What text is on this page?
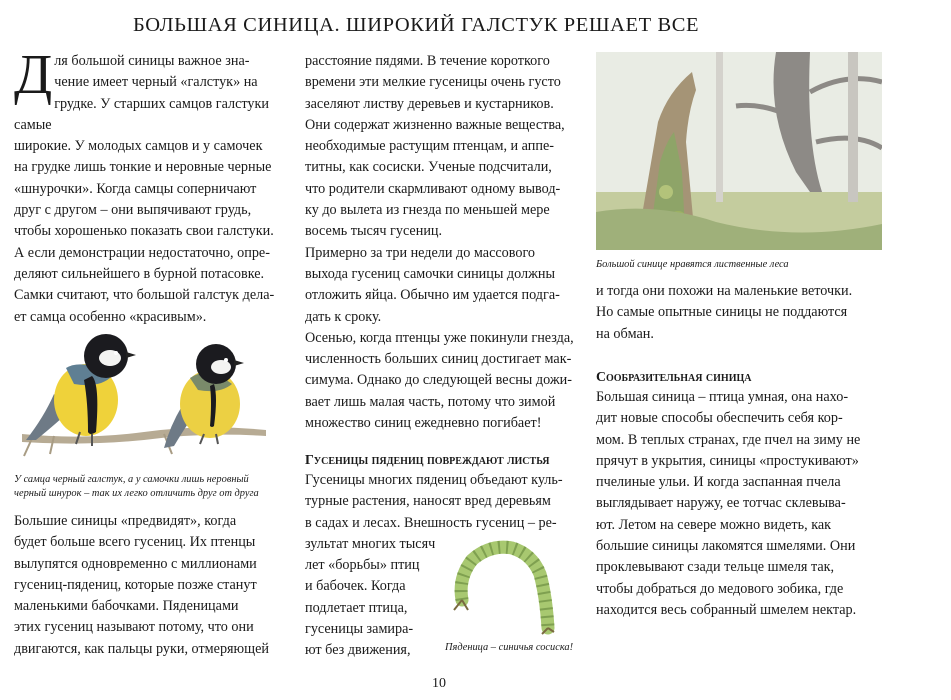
БОЛЬШАЯ СИНИЦА. ШИРОКИЙ ГАЛСТУК РЕШАЕТ ВСЕ
Д ля большой синицы важное зна-

чение имеет черный «галстук» на

грудке. У старших самцов галстуки самые

широкие. У молодых самцов и у самочек

на грудке лишь тонкие и неровные черные

«шнурочки». Когда самцы соперничают

друг с другом – они выпячивают грудь,

чтобы хорошенько показать свои галстуки.

А если демонстрации недостаточно, опре-

деляют сильнейшего в бурной потасовке.

Самки считают, что большой галстук дела-

ет самца особенно «красивым».

У самца черный галстук, а у самочки лишь неровный
черный шнурок – так их легко отличить друг от друга

Большие синицы «предвидят», когда

будет больше всего гусениц. Их птенцы

вылупятся одновременно с миллионами

гусениц-пядениц, которые позже станут

маленькими бабочками. Пяденицами

этих гусениц называют потому, что они

двигаются, как пальцы руки, отмеряющей

расстояние пядями. В течение короткого

времени эти мелкие гусеницы очень густо

заселяют листву деревьев и кустарников.

Они содержат жизненно важные вещества,

необходимые растущим птенцам, и аппе-

титны, как сосиски. Ученые подсчитали,

что родители скармливают одному вывод-

ку до вылета из гнезда по меньшей мере

восемь тысяч гусениц.

Примерно за три недели до массового

выхода гусениц самочки синицы должны

отложить яйца. Обычно им удается подга-

дать к сроку.

Осенью, когда птенцы уже покинули гнезда,

численность больших синиц достигает мак-

симума. Однако до следующей весны дожи-

вает лишь малая часть, потому что зимой

множество синиц ежедневно погибает!

Гусеницы пядениц повреждают листья

Гусеницы многих пядениц объедают куль-

турные растения, наносят вред деревьям

в садах и лесах. Внешность гусениц – ре-

зультат многих тысяч

лет «борьбы» птиц

и бабочек. Когда

подлетает птица,

гусеницы замира-

ют без движения,	Пяденица – синичья сосиска!
Большой синице нравятся лиственные леса

и тогда они похожи на маленькие веточки.

Но самые опытные синицы не поддаются

на обман.

Сообразительная синица

Большая синица – птица умная, она нахо-

дит новые способы обеспечить себя кор-

мом. В теплых странах, где пчел на зиму не

прячут в укрытия, синицы «простукивают»

пчелиные ульи. И когда заспанная пчела

выглядывает наружу, ее тотчас склевыва-

ют. Летом на севере можно видеть, как

большие синицы лакомятся шмелями. Они

проклевывают сзади тельце шмеля так,

чтобы добраться до медового зобика, где

находится весь собранный шмелем нектар.

10
